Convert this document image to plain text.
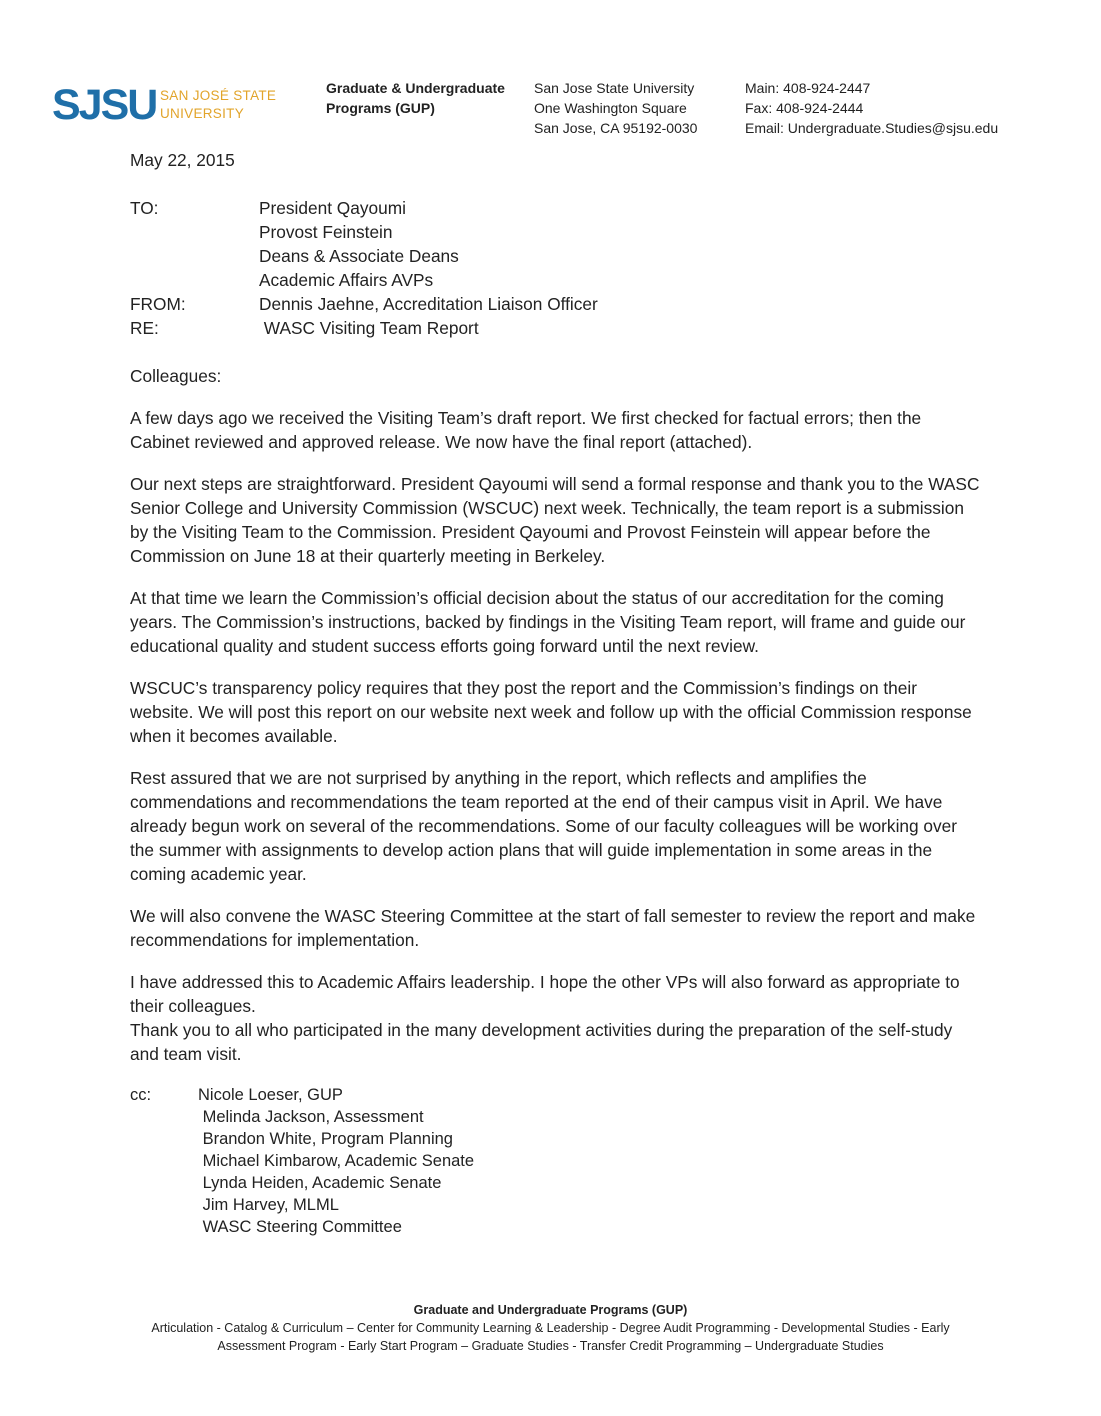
SJSU SAN JOSÉ STATE
UNIVERSITY
Graduate & Undergraduate
Programs (GUP)
San Jose State University
One Washington Square
San Jose, CA 95192-0030
Main: 408-924-2447
Fax: 408-924-2444
Email: Undergraduate.Studies@sjsu.edu
May 22, 2015
TO:	President Qayoumi
Provost Feinstein
Deans & Associate Deans
Academic Affairs AVPs
FROM:	Dennis Jaehne, Accreditation Liaison Officer
RE:	WASC Visiting Team Report
Colleagues:
A few days ago we received the Visiting Team’s draft report. We first checked for factual errors; then the Cabinet reviewed and approved release. We now have the final report (attached).
Our next steps are straightforward. President Qayoumi will send a formal response and thank you to the WASC Senior College and University Commission (WSCUC) next week. Technically, the team report is a submission by the Visiting Team to the Commission. President Qayoumi and Provost Feinstein will appear before the Commission on June 18 at their quarterly meeting in Berkeley.
At that time we learn the Commission’s official decision about the status of our accreditation for the coming years. The Commission’s instructions, backed by findings in the Visiting Team report, will frame and guide our educational quality and student success efforts going forward until the next review.
WSCUC’s transparency policy requires that they post the report and the Commission’s findings on their website. We will post this report on our website next week and follow up with the official Commission response when it becomes available.
Rest assured that we are not surprised by anything in the report, which reflects and amplifies the commendations and recommendations the team reported at the end of their campus visit in April. We have already begun work on several of the recommendations. Some of our faculty colleagues will be working over the summer with assignments to develop action plans that will guide implementation in some areas in the coming academic year.
We will also convene the WASC Steering Committee at the start of fall semester to review the report and make recommendations for implementation.
I have addressed this to Academic Affairs leadership. I hope the other VPs will also forward as appropriate to their colleagues.
Thank you to all who participated in the many development activities during the preparation of the self-study and team visit.
cc:	Nicole Loeser, GUP
Melinda Jackson, Assessment
Brandon White, Program Planning
Michael Kimbarow, Academic Senate
Lynda Heiden, Academic Senate
Jim Harvey, MLML
WASC Steering Committee
Graduate and Undergraduate Programs (GUP)
Articulation - Catalog & Curriculum – Center for Community Learning & Leadership - Degree Audit Programming - Developmental Studies - Early
Assessment Program - Early Start Program – Graduate Studies - Transfer Credit Programming – Undergraduate Studies
